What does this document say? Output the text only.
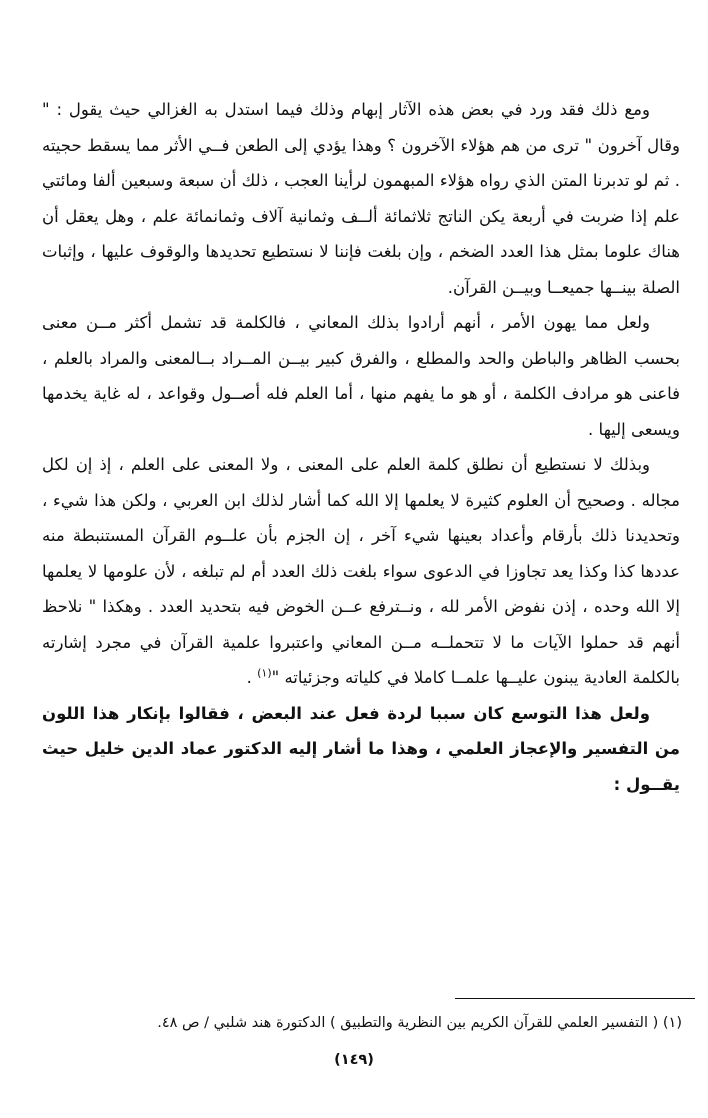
ومع ذلك فقد ورد في بعض هذه الآثار إبهام وذلك فيما استدل به الغزالي حيث يقول : " وقال آخرون " ترى من هم هؤلاء الآخرون ؟ وهذا يؤدي إلى الطعن فــي الأثر مما يسقط حجيته . ثم لو تدبرنا المتن الذي رواه هؤلاء المبهمون لرأينا العجب ، ذلك أن سبعة وسبعين ألفا ومائتي علم إذا ضربت في أربعة يكن الناتج ثلاثمائة ألــف وثمانية آلاف وثمانمائة علم ، وهل يعقل أن هناك علوما بمثل هذا العدد الضخم ، وإن بلغت فإننا لا نستطيع تحديدها والوقوف عليها ، وإثبات الصلة بينــها جميعــا وبيــن القرآن.

ولعل مما يهون الأمر ، أنهم أرادوا بذلك المعاني ، فالكلمة قد تشمل أكثر مــن معنى بحسب الظاهر والباطن والحد والمطلع ، والفرق كبير بيــن المــراد بــالمعنى والمراد بالعلم ، فاعنى هو مرادف الكلمة ، أو هو ما يفهم منها ، أما العلم فله أصــول وقواعد ، له غاية يخدمها ويسعى إليها .

وبذلك لا نستطيع أن نطلق كلمة العلم على المعنى ، ولا المعنى على العلم ، إذ إن لكل مجاله . وصحيح أن العلوم كثيرة لا يعلمها إلا الله كما أشار لذلك ابن العربي ، ولكن هذا شيء ، وتحديدنا ذلك بأرقام وأعداد بعينها شيء آخر ، إن الجزم بأن علــوم القرآن المستنبطة منه عددها كذا وكذا يعد تجاوزا في الدعوى سواء بلغت ذلك العدد أم لم تبلغه ، لأن علومها لا يعلمها إلا الله وحده ، إذن نفوض الأمر لله ، ونــترفع عــن الخوض فيه بتحديد العدد . وهكذا " نلاحظ أنهم قد حملوا الآيات ما لا تتحملــه مــن المعاني واعتبروا علمية القرآن في مجرد إشارته بالكلمة العادية يبنون عليــها علمــا كاملا في كلياته وجزئياته "$^{(١)}$ .

ولعل هذا التوسع كان سببا لردة فعل عند البعض ، فقالوا بإنكار هذا اللون من التفسير والإعجاز العلمي ، وهذا ما أشار إليه الدكتور عماد الدين خليل حيث يقــول :

(١) ( التفسير العلمي للقرآن الكريم بين النظرية والتطبيق ) الدكتورة هند شلبي / ص ٤٨.
(١٤٩)
